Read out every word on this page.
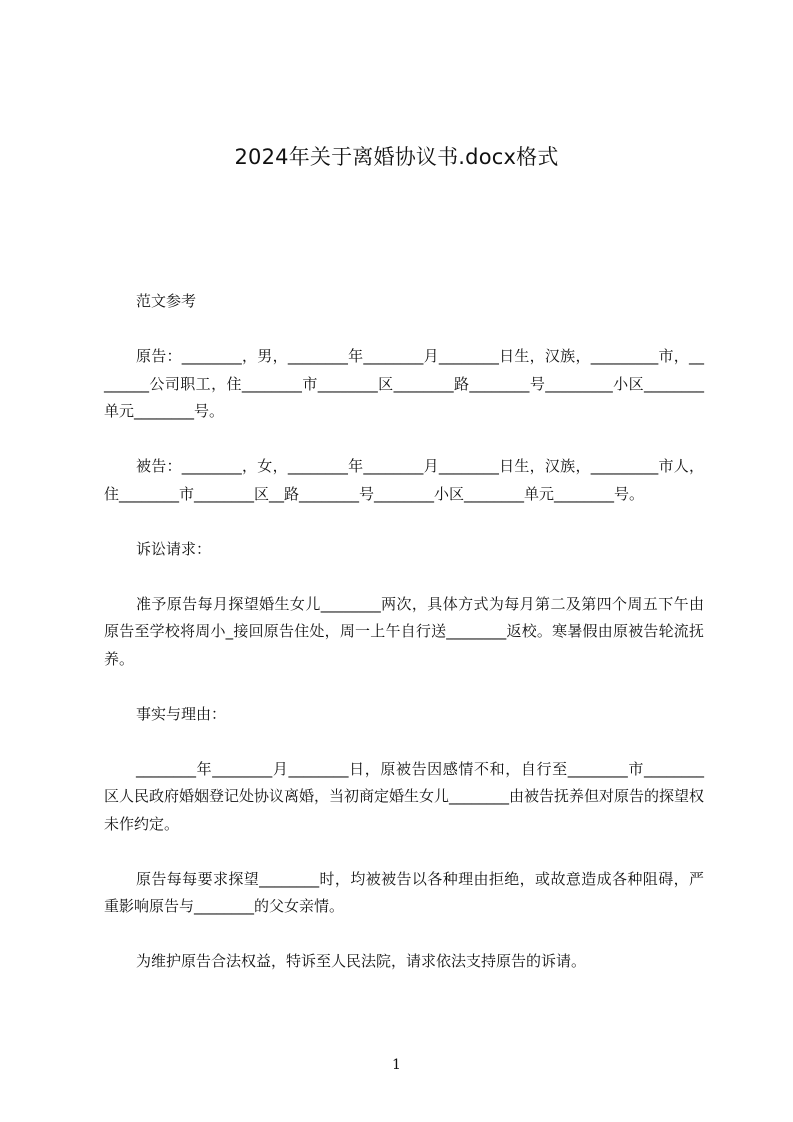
2024年关于离婚协议书.docx格式

范文参考

原告：________，男，________年________月________日生，汉族，_________市，________公司职工，住________市________区________路________号_________小区________单元________号。

被告：________，女，________年________月________日生，汉族，_________市人，住________市________区__路________号________小区________单元________号。

诉讼请求：

准予原告每月探望婚生女儿________两次，具体方式为每月第二及第四个周五下午由原告至学校将周小_接回原告住处，周一上午自行送________返校。寒暑假由原被告轮流抚养。

事实与理由：

________年________月________日，原被告因感情不和，自行至________市________区人民政府婚姻登记处协议离婚，当初商定婚生女儿________由被告抚养但对原告的探望权未作约定。

原告每每要求探望________时，均被被告以各种理由拒绝，或故意造成各种阻碍，严重影响原告与________的父女亲情。

为维护原告合法权益，特诉至人民法院，请求依法支持原告的诉请。

1
